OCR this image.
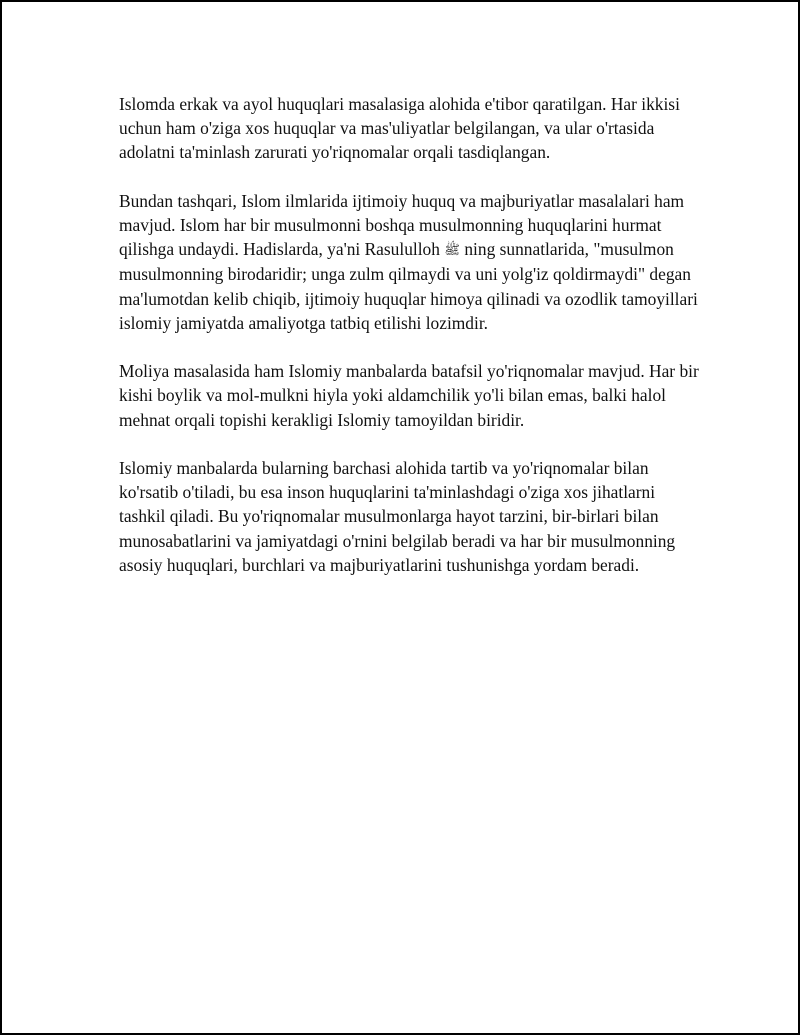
Islomda erkak va ayol huquqlari masalasiga alohida e'tibor qaratilgan. Har ikkisi uchun ham o'ziga xos huquqlar va mas'uliyatlar belgilangan, va ular o'rtasida adolatni ta'minlash zarurati yo'riqnomalar orqali tasdiqlangan.

Bundan tashqari, Islom ilmlarida ijtimoiy huquq va majburiyatlar masalalari ham mavjud. Islom har bir musulmonni boshqa musulmonning huquqlarini hurmat qilishga undaydi. Hadislarda, ya'ni Rasululloh ﷺ ning sunnatlarida, "musulmon musulmonning birodaridir; unga zulm qilmaydi va uni yolg'iz qoldirmaydi" degan ma'lumotdan kelib chiqib, ijtimoiy huquqlar himoya qilinadi va ozodlik tamoyillari islomiy jamiyatda amaliyotga tatbiq etilishi lozimdir.

Moliya masalasida ham Islomiy manbalarda batafsil yo'riqnomalar mavjud. Har bir kishi boylik va mol-mulkni hiyla yoki aldamchilik yo'li bilan emas, balki halol mehnat orqali topishi kerakligi Islomiy tamoyildan biridir.

Islomiy manbalarda bularning barchasi alohida tartib va yo'riqnomalar bilan ko'rsatib o'tiladi, bu esa inson huquqlarini ta'minlashdagi o'ziga xos jihatlarni tashkil qiladi. Bu yo'riqnomalar musulmonlarga hayot tarzini, bir-birlari bilan munosabatlarini va jamiyatdagi o'rnini belgilab beradi va har bir musulmonning asosiy huquqlari, burchlari va majburiyatlarini tushunishga yordam beradi.
